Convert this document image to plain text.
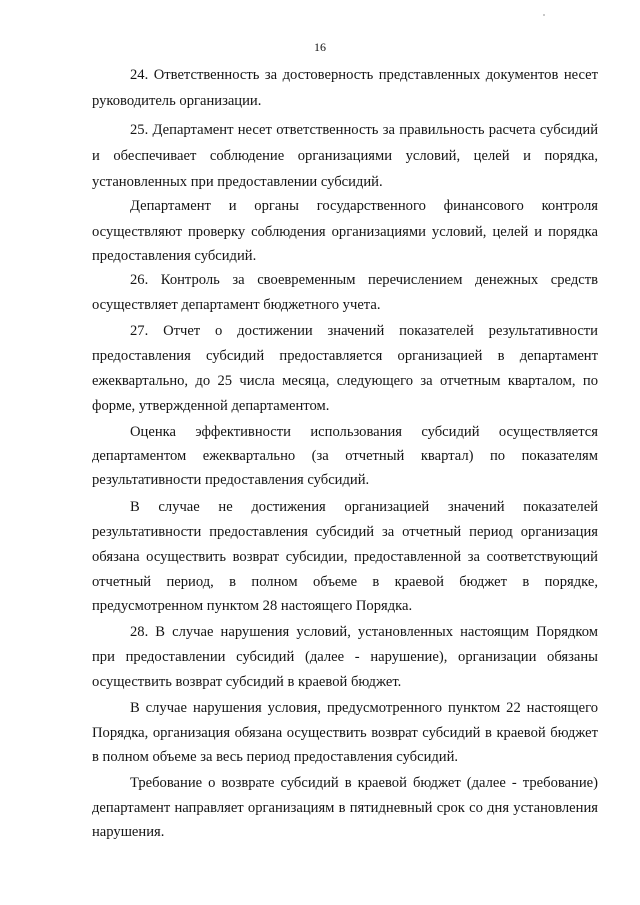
16
24. Ответственность за достоверность представленных документов несет
руководитель организации.
25. Департамент несет ответственность за правильность расчета субсидий
и обеспечивает соблюдение организациями условий, целей и порядка,
установленных при предоставлении субсидий.
Департамент и органы государственного финансового контроля
осуществляют проверку соблюдения организациями условий, целей и порядка
предоставления субсидий.
26. Контроль за своевременным перечислением денежных средств
осуществляет департамент бюджетного учета.
27. Отчет о достижении значений показателей результативности
предоставления субсидий предоставляется организацией в департамент
ежеквартально, до 25 числа месяца, следующего за отчетным кварталом, по
форме, утвержденной департаментом.
Оценка эффективности использования субсидий осуществляется
департаментом ежеквартально (за отчетный квартал) по показателям
результативности предоставления субсидий.
В случае не достижения организацией значений показателей
результативности предоставления субсидий за отчетный период организация
обязана осуществить возврат субсидии, предоставленной за соответствующий
отчетный период, в полном объеме в краевой бюджет в порядке,
предусмотренном пунктом 28 настоящего Порядка.
28. В случае нарушения условий, установленных настоящим Порядком
при предоставлении субсидий (далее - нарушение), организации обязаны
осуществить возврат субсидий в краевой бюджет.
В случае нарушения условия, предусмотренного пунктом 22 настоящего
Порядка, организация обязана осуществить возврат субсидий в краевой бюджет
в полном объеме за весь период предоставления субсидий.
Требование о возврате субсидий в краевой бюджет (далее - требование)
департамент направляет организациям в пятидневный срок со дня установления
нарушения.
